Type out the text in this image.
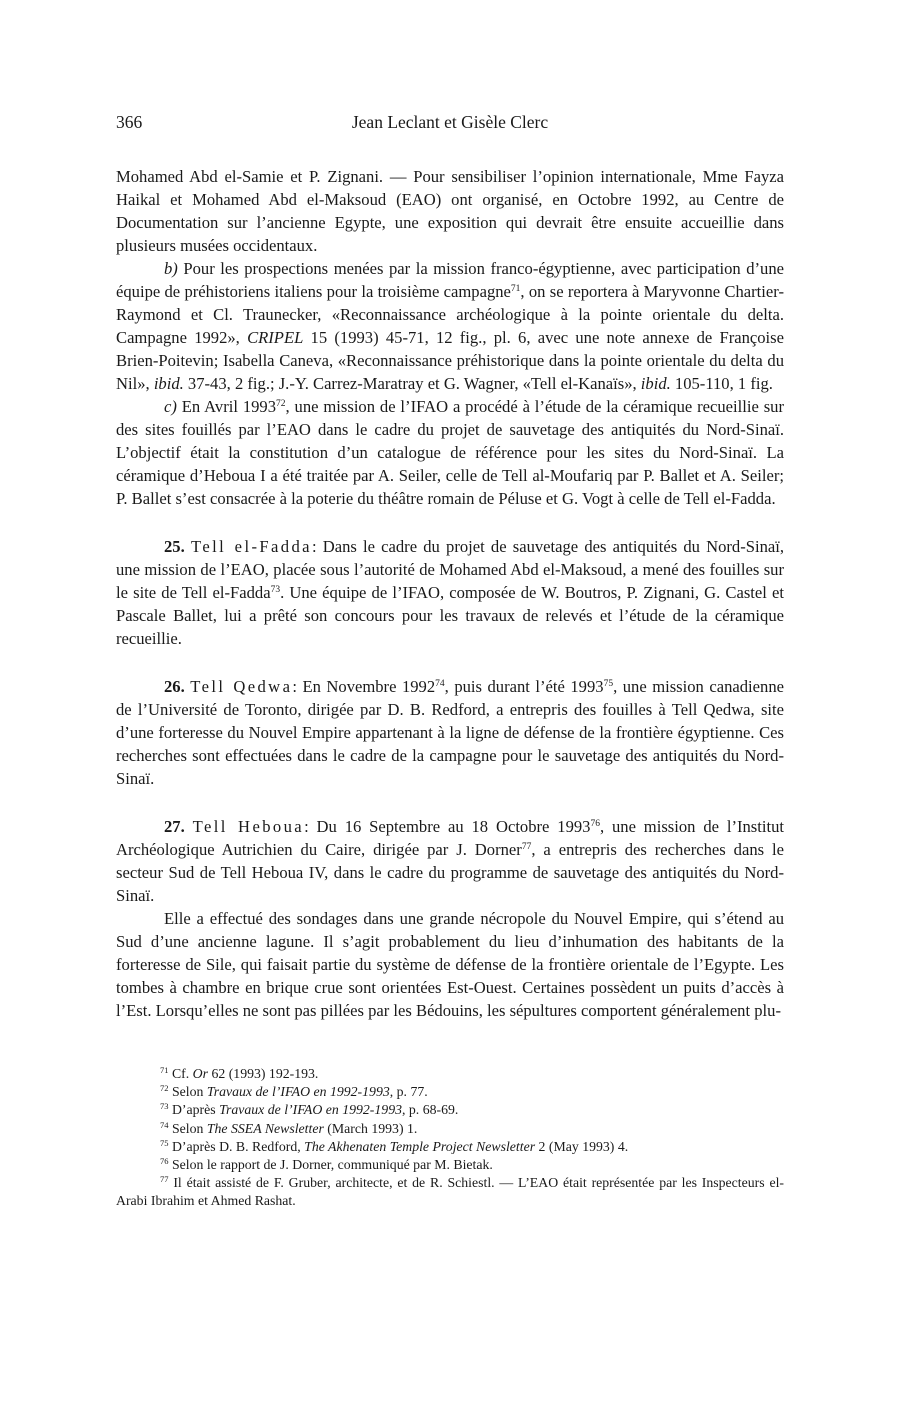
366	Jean Leclant et Gisèle Clerc

Mohamed Abd el-Samie et P. Zignani. — Pour sensibiliser l’opinion internationale, Mme Fayza Haikal et Mohamed Abd el-Maksoud (EAO) ont organisé, en Octobre 1992, au Centre de Documentation sur l’ancienne Egypte, une exposition qui devrait être ensuite accueillie dans plusieurs musées occidentaux.

b) Pour les prospections menées par la mission franco-égyptienne, avec participation d’une équipe de préhistoriens italiens pour la troisième campagne$^{71}$, on se reportera à Maryvonne Chartier-Raymond et Cl. Traunecker, «Reconnaissance archéologique à la pointe orientale du delta. Campagne 1992», CRIPEL 15 (1993) 45-71, 12 fig., pl. 6, avec une note annexe de Françoise Brien-Poitevin; Isabella Caneva, «Reconnaissance préhistorique dans la pointe orientale du delta du Nil», ibid. 37-43, 2 fig.; J.-Y. Carrez-Maratray et G. Wagner, «Tell el-Kanaïs», ibid. 105-110, 1 fig.

c) En Avril 1993$^{72}$, une mission de l’IFAO a procédé à l’étude de la céramique recueillie sur des sites fouillés par l’EAO dans le cadre du projet de sauvetage des antiquités du Nord-Sinaï. L’objectif était la constitution d’un catalogue de référence pour les sites du Nord-Sinaï. La céramique d’Heboua I a été traitée par A. Seiler, celle de Tell al-Moufariq par P. Ballet et A. Seiler; P. Ballet s’est consacrée à la poterie du théâtre romain de Péluse et G. Vogt à celle de Tell el-Fadda.

25. Tell el-Fadda: Dans le cadre du projet de sauvetage des antiquités du Nord-Sinaï, une mission de l’EAO, placée sous l’autorité de Mohamed Abd el-Maksoud, a mené des fouilles sur le site de Tell el-Fadda$^{73}$. Une équipe de l’IFAO, composée de W. Boutros, P. Zignani, G. Castel et Pascale Ballet, lui a prêté son concours pour les travaux de relevés et l’étude de la céramique recueillie.

26. Tell Qedwa: En Novembre 1992$^{74}$, puis durant l’été 1993$^{75}$, une mission canadienne de l’Université de Toronto, dirigée par D. B. Redford, a entrepris des fouilles à Tell Qedwa, site d’une forteresse du Nouvel Empire appartenant à la ligne de défense de la frontière égyptienne. Ces recherches sont effectuées dans le cadre de la campagne pour le sauvetage des antiquités du Nord-Sinaï.

27. Tell Heboua: Du 16 Septembre au 18 Octobre 1993$^{76}$, une mission de l’Institut Archéologique Autrichien du Caire, dirigée par J. Dorner$^{77}$, a entrepris des recherches dans le secteur Sud de Tell Heboua IV, dans le cadre du programme de sauvetage des antiquités du Nord-Sinaï.

Elle a effectué des sondages dans une grande nécropole du Nouvel Empire, qui s’étend au Sud d’une ancienne lagune. Il s’agit probablement du lieu d’inhumation des habitants de la forteresse de Sile, qui faisait partie du système de défense de la frontière orientale de l’Egypte. Les tombes à chambre en brique crue sont orientées Est-Ouest. Certaines possèdent un puits d’accès à l’Est. Lorsqu’elles ne sont pas pillées par les Bédouins, les sépultures comportent généralement plu-

$^{71}$ Cf. Or 62 (1993) 192-193.

$^{72}$ Selon Travaux de l’IFAO en 1992-1993, p. 77.

$^{73}$ D’après Travaux de l’IFAO en 1992-1993, p. 68-69.

$^{74}$ Selon The SSEA Newsletter (March 1993) 1.

$^{75}$ D’après D. B. Redford, The Akhenaten Temple Project Newsletter 2 (May 1993) 4.

$^{76}$ Selon le rapport de J. Dorner, communiqué par M. Bietak.

$^{77}$ Il était assisté de F. Gruber, architecte, et de R. Schiestl. — L’EAO était représentée par les Inspecteurs el-Arabi Ibrahim et Ahmed Rashat.
